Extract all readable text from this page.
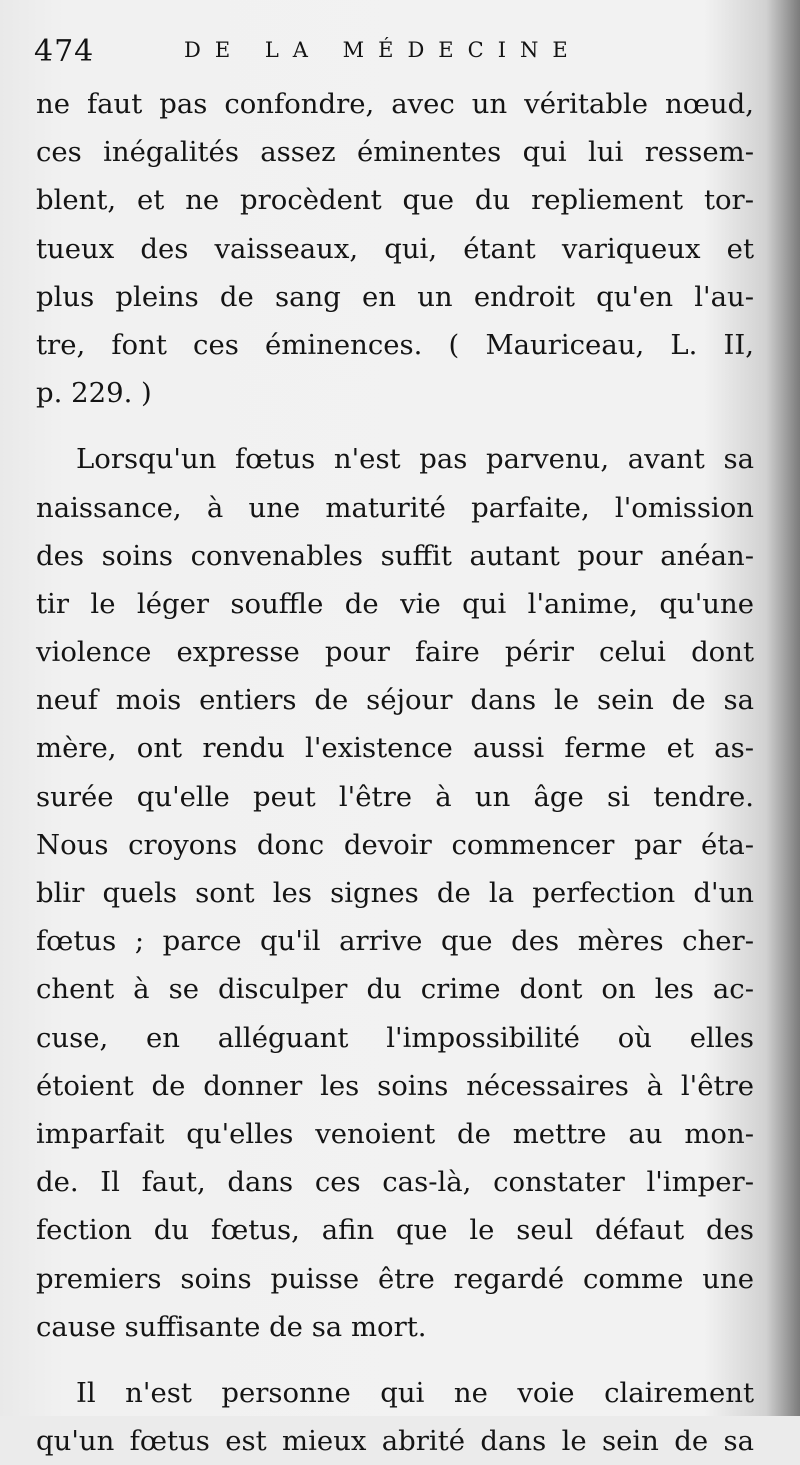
474	DE LA MÉDECINE
ne faut pas confondre, avec un véritable nœud,
ces inégalités assez éminentes qui lui ressem-
blent, et ne procèdent que du repliement tor-
tueux des vaisseaux, qui, étant variqueux et
plus pleins de sang en un endroit qu'en l'au-
tre, font ces éminences. ( Mauriceau, L. II,
p. 229. )
Lorsqu'un fœtus n'est pas parvenu, avant sa
naissance, à une maturité parfaite, l'omission
des soins convenables suffit autant pour anéan-
tir le léger souffle de vie qui l'anime, qu'une
violence expresse pour faire périr celui dont
neuf mois entiers de séjour dans le sein de sa
mère, ont rendu l'existence aussi ferme et as-
surée qu'elle peut l'être à un âge si tendre.
Nous croyons donc devoir commencer par éta-
blir quels sont les signes de la perfection d'un
fœtus ; parce qu'il arrive que des mères cher-
chent à se disculper du crime dont on les ac-
cuse, en alléguant l'impossibilité où elles
étoient de donner les soins nécessaires à l'être
imparfait qu'elles venoient de mettre au mon-
de. Il faut, dans ces cas-là, constater l'imper-
fection du fœtus, afin que le seul défaut des
premiers soins puisse être regardé comme une
cause suffisante de sa mort.
Il n'est personne qui ne voie clairement
qu'un fœtus est mieux abrité dans le sein de sa
